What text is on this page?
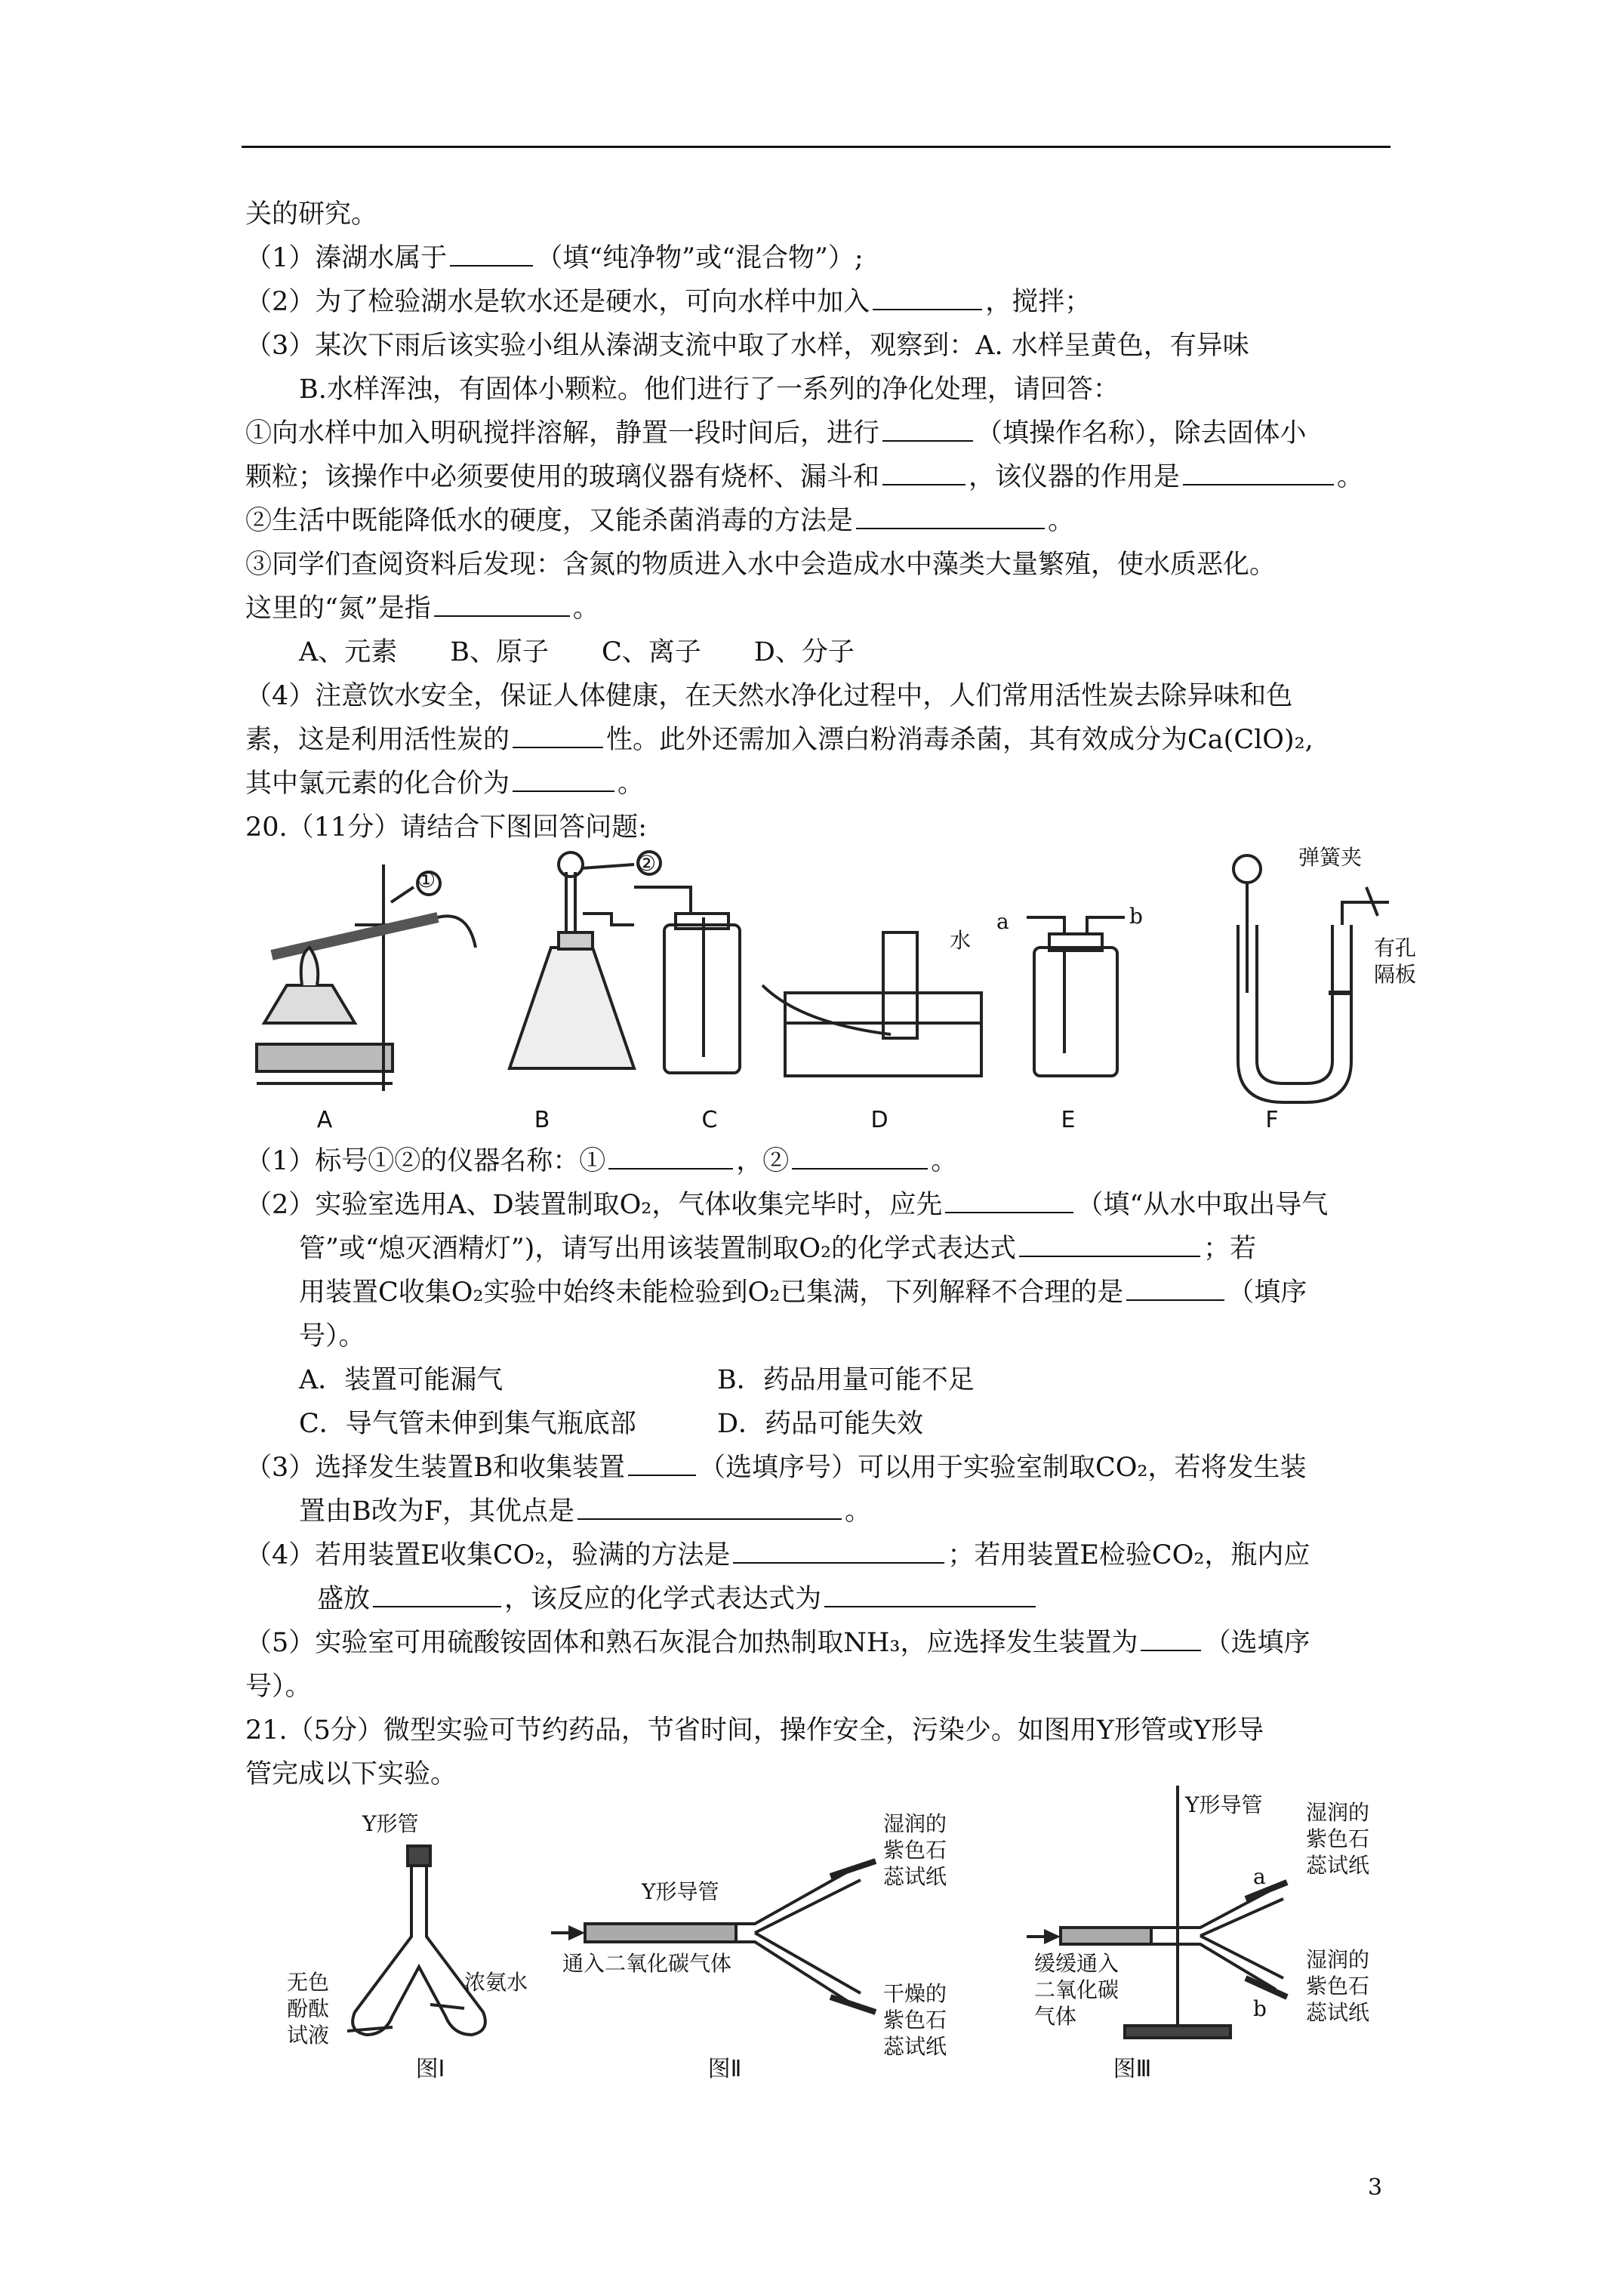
关的研究。
（1）溱湖水属于	（填“纯净物”或“混合物”）;
（2）为了检验湖水是软水还是硬水，可向水样中加入	，搅拌；
（3）某次下雨后该实验小组从溱湖支流中取了水样，观察到：A. 水样呈黄色，有异味
B.水样浑浊，有固体小颗粒。他们进行了一系列的净化处理，请回答：
①向水样中加入明矾搅拌溶解，静置一段时间后，进行	（填操作名称），除去固体小
颗粒；该操作中必须要使用的玻璃仪器有烧杯、漏斗和	，该仪器的作用是	。
②生活中既能降低水的硬度，又能杀菌消毒的方法是	。
③同学们查阅资料后发现：含氮的物质进入水中会造成水中藻类大量繁殖，使水质恶化。
这里的“氮”是指	。
A、元素　　B、原子　　C、离子　　D、分子
（4）注意饮水安全，保证人体健康，在天然水净化过程中，人们常用活性炭去除异味和色
素，这是利用活性炭的	性。此外还需加入漂白粉消毒杀菌，其有效成分为Ca(ClO)₂,
其中氯元素的化合价为	。
20.（11分）请结合下图回答问题:
①
②
水
a	b
弹簧夹
有孔
隔板
A	B	C	D	E	F
（1）标号①②的仪器名称：①	，②	。
（2）实验室选用A、D装置制取O₂，气体收集完毕时，应先	（填“从水中取出导气
管”或“熄灭酒精灯”)，请写出用该装置制取O₂的化学式表达式	；若
用装置C收集O₂实验中始终未能检验到O₂已集满，下列解释不合理的是	（填序
号）。
A．装置可能漏气	B．药品用量可能不足
C．导气管未伸到集气瓶底部	D．药品可能失效
（3）选择发生装置B和收集装置	（选填序号）可以用于实验室制取CO₂，若将发生装
置由B改为F，其优点是	。
（4）若用装置E收集CO₂，验满的方法是	；若用装置E检验CO₂，瓶内应
盛放	，该反应的化学式表达式为
（5）实验室可用硫酸铵固体和熟石灰混合加热制取NH₃，应选择发生装置为	（选填序
号）。
21.（5分）微型实验可节约药品，节省时间，操作安全，污染少。如图用Y形管或Y形导
管完成以下实验。
Y形管
无色
酚酞
试液
浓氨水
Y形导管
通入二氧化碳气体
湿润的
紫色石
蕊试纸
干燥的
紫色石
蕊试纸
Y形导管
a
b
湿润的
紫色石
蕊试纸
湿润的
紫色石
蕊试纸
缓缓通入
二氧化碳
气体
图Ⅰ	图Ⅱ	图Ⅲ
3
